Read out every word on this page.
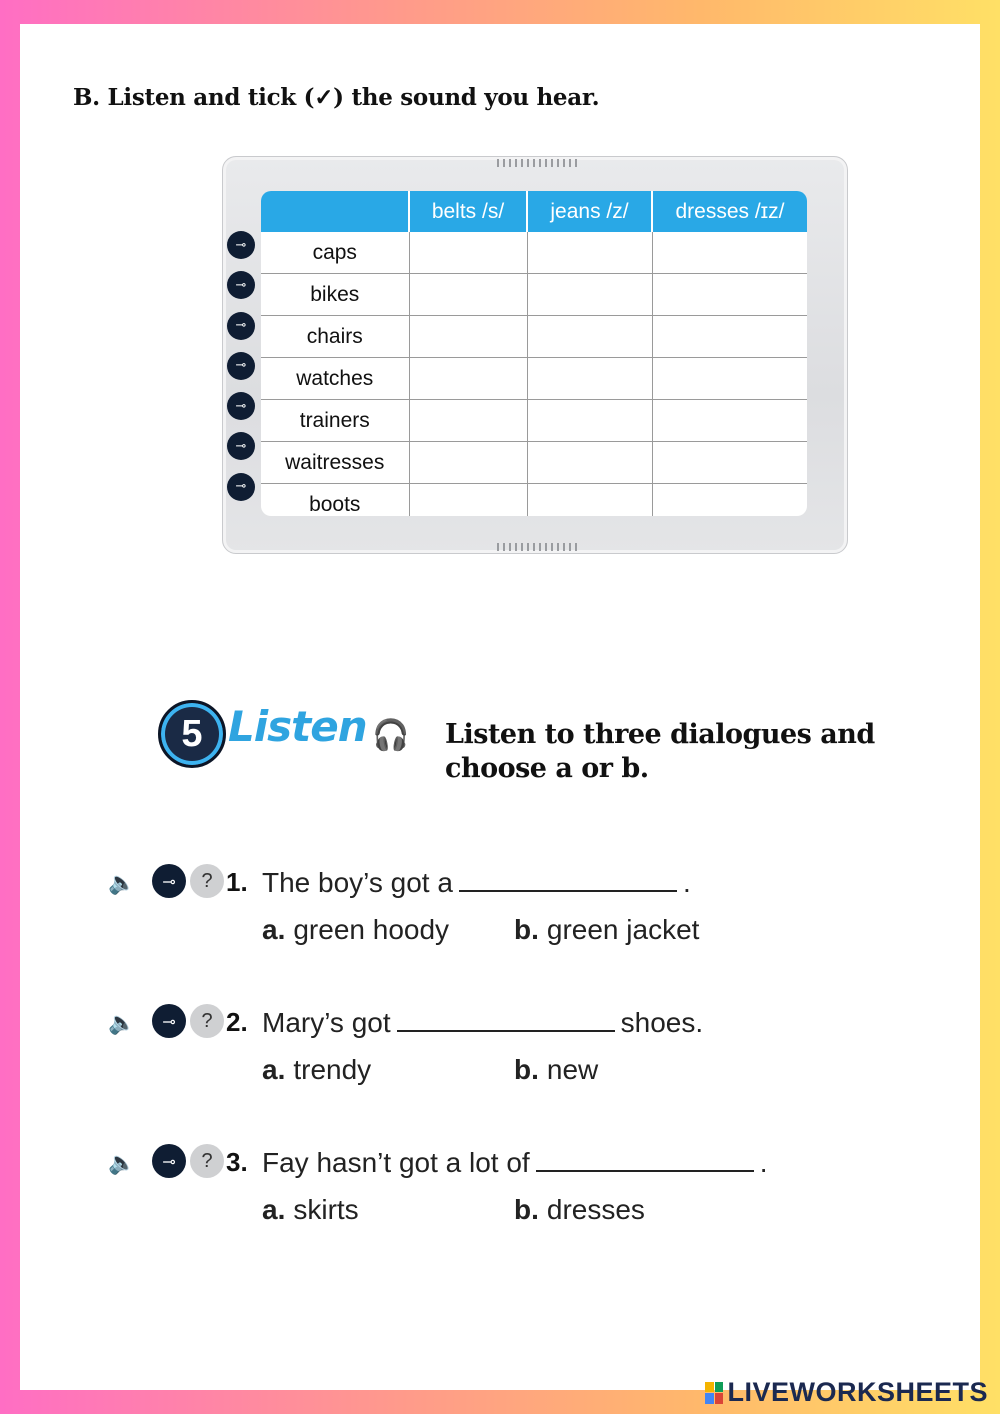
B. Listen and tick (✓) the sound you hear.
⊸
⊸
⊸
⊸
⊸
⊸
⊸
	belts /s/	jeans /z/	dresses /ɪz/
caps			
bikes			
chairs			
watches			
trainers			
waitresses			
boots			
5 Listen 🎧 Listen to three dialogues and choose a or b.
🔈	⊸	? 1. The boy’s got a	.
a. green hoody b. green jacket
🔈	⊸	? 2. Mary’s got	shoes.
a. trendy	b. new
🔈	⊸	? 3. Fay hasn’t got a lot of	.
a. skirts	b. dresses
LIVEWORKSHEETS
